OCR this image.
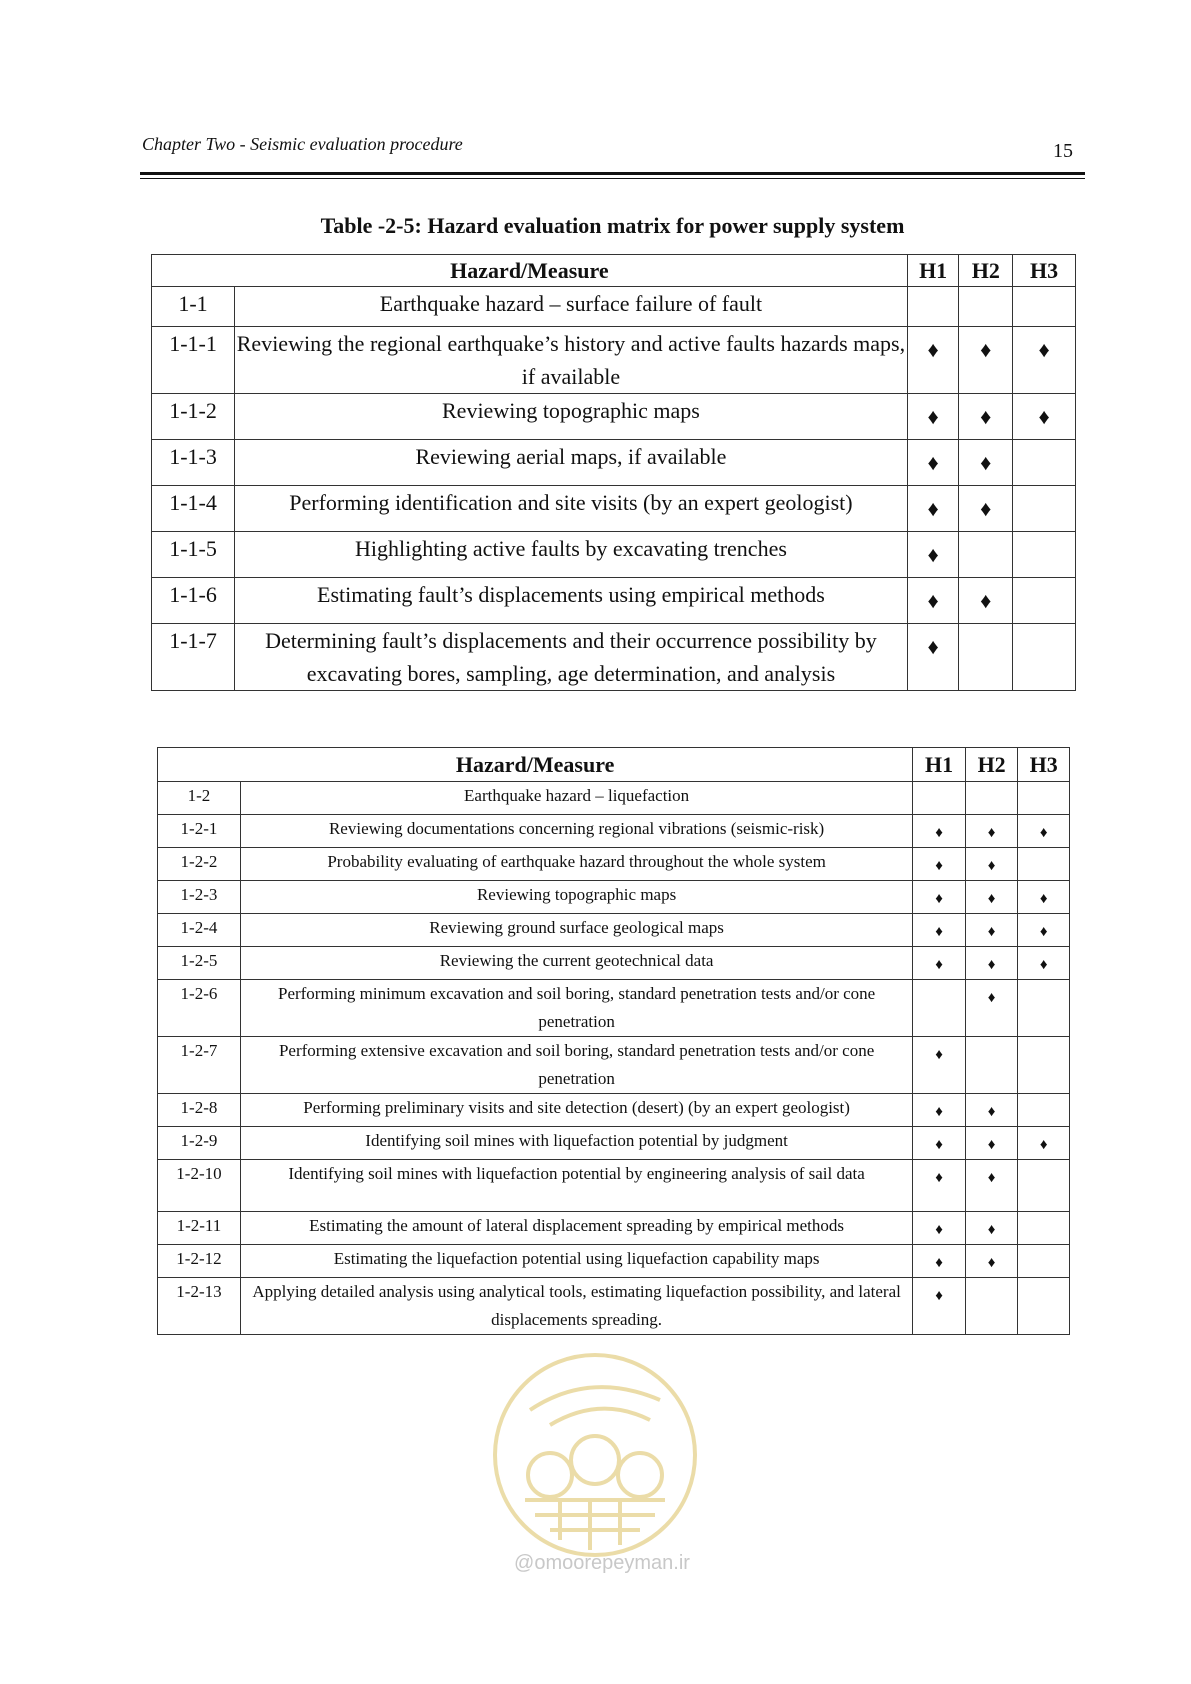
Chapter Two - Seismic evaluation procedure	15
Table -2-5: Hazard evaluation matrix for power supply system
Hazard/Measure		H1	H2	H3
1-1	Earthquake hazard – surface failure of fault			
1-1-1	Reviewing the regional earthquake’s history and active faults hazards maps, if available	♦	♦	♦
1-1-2	Reviewing topographic maps	♦	♦	♦
1-1-3	Reviewing aerial maps, if available	♦	♦	
1-1-4	Performing identification and site visits (by an expert geologist)	♦	♦	
1-1-5	Highlighting active faults by excavating trenches	♦		
1-1-6	Estimating fault’s displacements using empirical methods	♦	♦	
1-1-7	Determining fault’s displacements and their occurrence possibility by excavating bores, sampling, age determination, and analysis	♦		
Hazard/Measure		H1	H2	H3
1-2	Earthquake hazard – liquefaction			
1-2-1	Reviewing documentations concerning regional vibrations (seismic-risk)	♦	♦	♦
1-2-2	Probability evaluating of earthquake hazard throughout the whole system	♦	♦	
1-2-3	Reviewing topographic maps	♦	♦	♦
1-2-4	Reviewing ground surface geological maps	♦	♦	♦
1-2-5	Reviewing the current geotechnical data	♦	♦	♦
1-2-6	Performing minimum excavation and soil boring, standard penetration tests and/or cone penetration		♦	
1-2-7	Performing extensive excavation and soil boring, standard penetration tests and/or cone penetration	♦		
1-2-8	Performing preliminary visits and site detection (desert) (by an expert geologist)	♦	♦	
1-2-9	Identifying soil mines with liquefaction potential by judgment	♦	♦	♦
1-2-10	Identifying soil mines with liquefaction potential by engineering analysis of sail data	♦	♦	
1-2-11	Estimating the amount of lateral displacement spreading by empirical methods	♦	♦	
1-2-12	Estimating the liquefaction potential using liquefaction capability maps	♦	♦	
1-2-13	Applying detailed analysis using analytical tools, estimating liquefaction possibility, and lateral displacements spreading.	♦		
@omoorepeyman.ir
